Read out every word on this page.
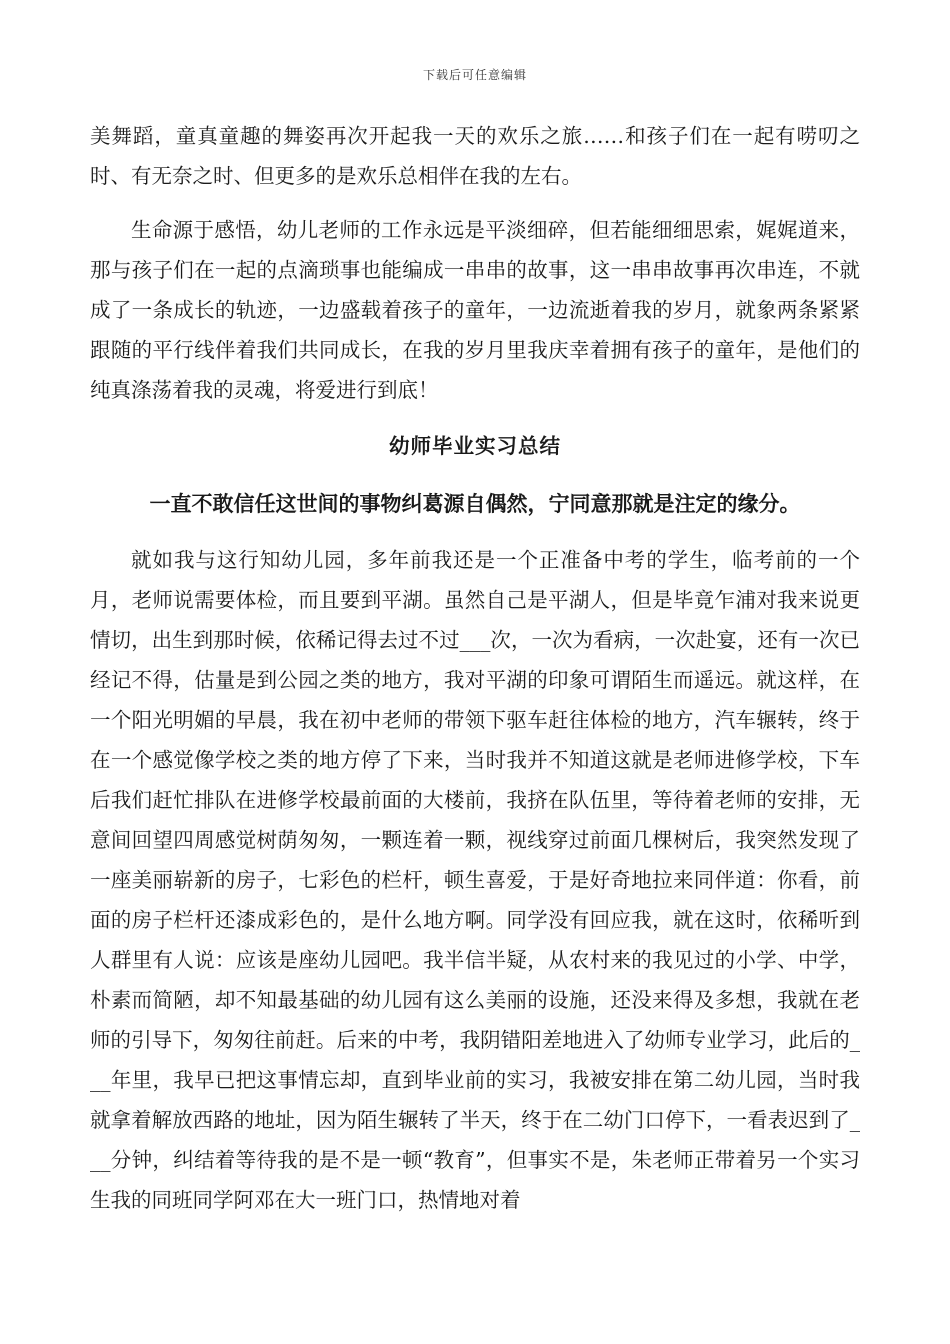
下载后可任意编辑

美舞蹈，童真童趣的舞姿再次开起我一天的欢乐之旅……和孩子们在一起有唠叨之时、有无奈之时、但更多的是欢乐总相伴在我的左右。

生命源于感悟，幼儿老师的工作永远是平淡细碎，但若能细细思索，娓娓道来，那与孩子们在一起的点滴琐事也能编成一串串的故事，这一串串故事再次串连，不就成了一条成长的轨迹，一边盛载着孩子的童年，一边流逝着我的岁月，就象两条紧紧跟随的平行线伴着我们共同成长，在我的岁月里我庆幸着拥有孩子的童年，是他们的纯真涤荡着我的灵魂，将爱进行到底！

幼师毕业实习总结
一直不敢信任这世间的事物纠葛源自偶然，宁同意那就是注定的缘分。

就如我与这行知幼儿园，多年前我还是一个正准备中考的学生，临考前的一个月，老师说需要体检，而且要到平湖。虽然自己是平湖人，但是毕竟乍浦对我来说更情切，出生到那时候，依稀记得去过不过___次，一次为看病，一次赴宴，还有一次已经记不得，估量是到公园之类的地方，我对平湖的印象可谓陌生而遥远。就这样，在一个阳光明媚的早晨，我在初中老师的带领下驱车赶往体检的地方，汽车辗转，终于在一个感觉像学校之类的地方停了下来，当时我并不知道这就是老师进修学校，下车后我们赶忙排队在进修学校最前面的大楼前，我挤在队伍里，等待着老师的安排，无意间回望四周感觉树荫匆匆，一颗连着一颗，视线穿过前面几棵树后，我突然发现了一座美丽崭新的房子，七彩色的栏杆，顿生喜爱，于是好奇地拉来同伴道：你看，前面的房子栏杆还漆成彩色的，是什么地方啊。同学没有回应我，就在这时，依稀听到人群里有人说：应该是座幼儿园吧。我半信半疑，从农村来的我见过的小学、中学，朴素而简陋，却不知最基础的幼儿园有这么美丽的设施，还没来得及多想，我就在老师的引导下，匆匆往前赶。后来的中考，我阴错阳差地进入了幼师专业学习，此后的___年里，我早已把这事情忘却，直到毕业前的实习，我被安排在第二幼儿园，当时我就拿着解放西路的地址，因为陌生辗转了半天，终于在二幼门口停下，一看表迟到了___分钟，纠结着等待我的是不是一顿“教育”，但事实不是，朱老师正带着另一个实习生我的同班同学阿邓在大一班门口，热情地对着
